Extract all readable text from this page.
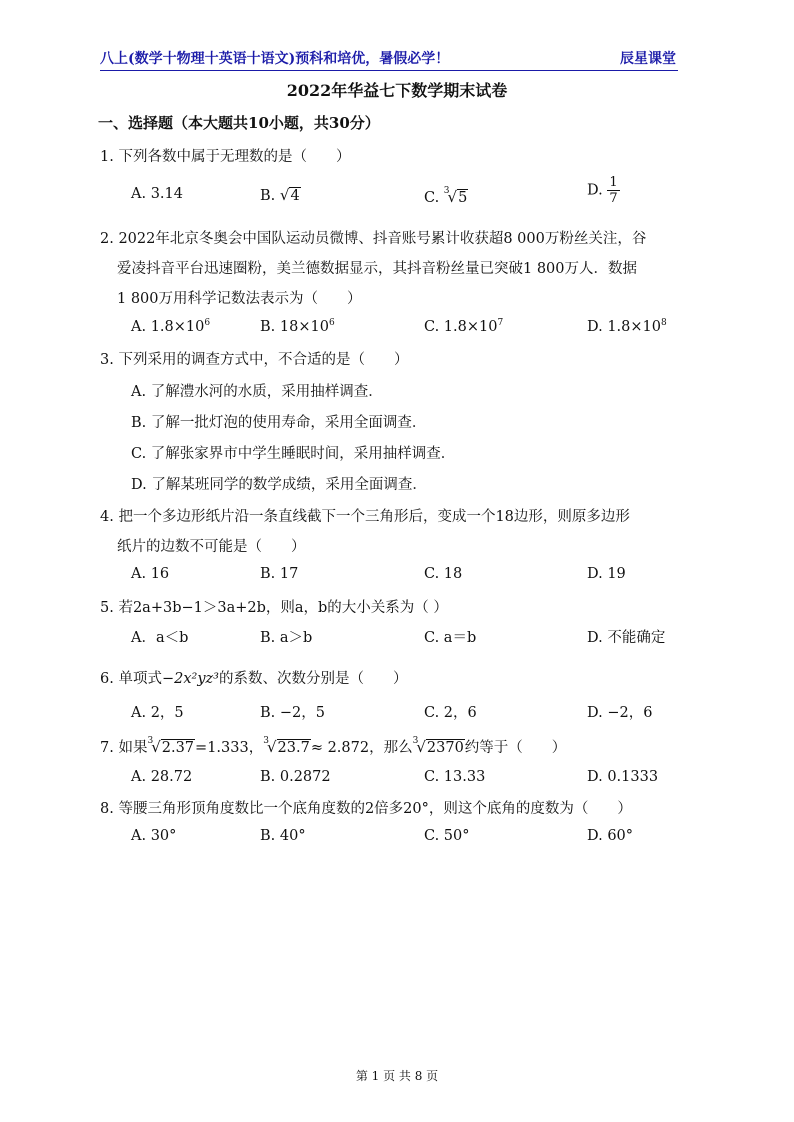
八上(数学十物理十英语十语文)预科和培优，暑假必学！	辰星课堂
2022年华益七下数学期末试卷
一、选择题（本大题共10小题，共30分）
1. 下列各数中属于无理数的是（　　）
A. 3.14	B. √4	C. $^3$√5	D. $\frac{1}{7}$
2. 2022年北京冬奥会中国队运动员微博、抖音账号累计收获超8 000万粉丝关注，谷
爱凌抖音平台迅速圈粉，美兰德数据显示，其抖音粉丝量已突破1 800万人．数据
1 800万用科学记数法表示为（　　）
A. $1.8\times 10^6$	B. $18\times 10^6$	C. $1.8\times 10^7$	D. $1.8\times 10^8$
3. 下列采用的调查方式中，不合适的是（　　）
A. 了解澧水河的水质，采用抽样调查．
B. 了解一批灯泡的使用寿命，采用全面调查．
C. 了解张家界市中学生睡眠时间，采用抽样调查．
D. 了解某班同学的数学成绩，采用全面调查．
4. 把一个多边形纸片沿一条直线截下一个三角形后，变成一个18边形，则原多边形
纸片的边数不可能是（　　）
A. 16	B. 17	C. 18	D. 19
5. 若2a+3b−1＞3a+2b，则a，b的大小关系为（ ）
A．a＜b	B. a＞b	C. a＝b	D. 不能确定
6. 单项式−2x²yz³的系数、次数分别是（　　）
A. 2，5	B. −2，5	C. 2，6	D. −2，6
7. 如果$^3$√2.37=1.333，$^3$√23.7≈ 2.872，那么$^3$√2370约等于（　　）
A. 28.72	B. 0.2872	C. 13.33	D. 0.1333
8. 等腰三角形顶角度数比一个底角度数的2倍多20°，则这个底角的度数为（　　）
A. 30°	B. 40°	C. 50°	D. 60°
第 1 页 共 8 页
